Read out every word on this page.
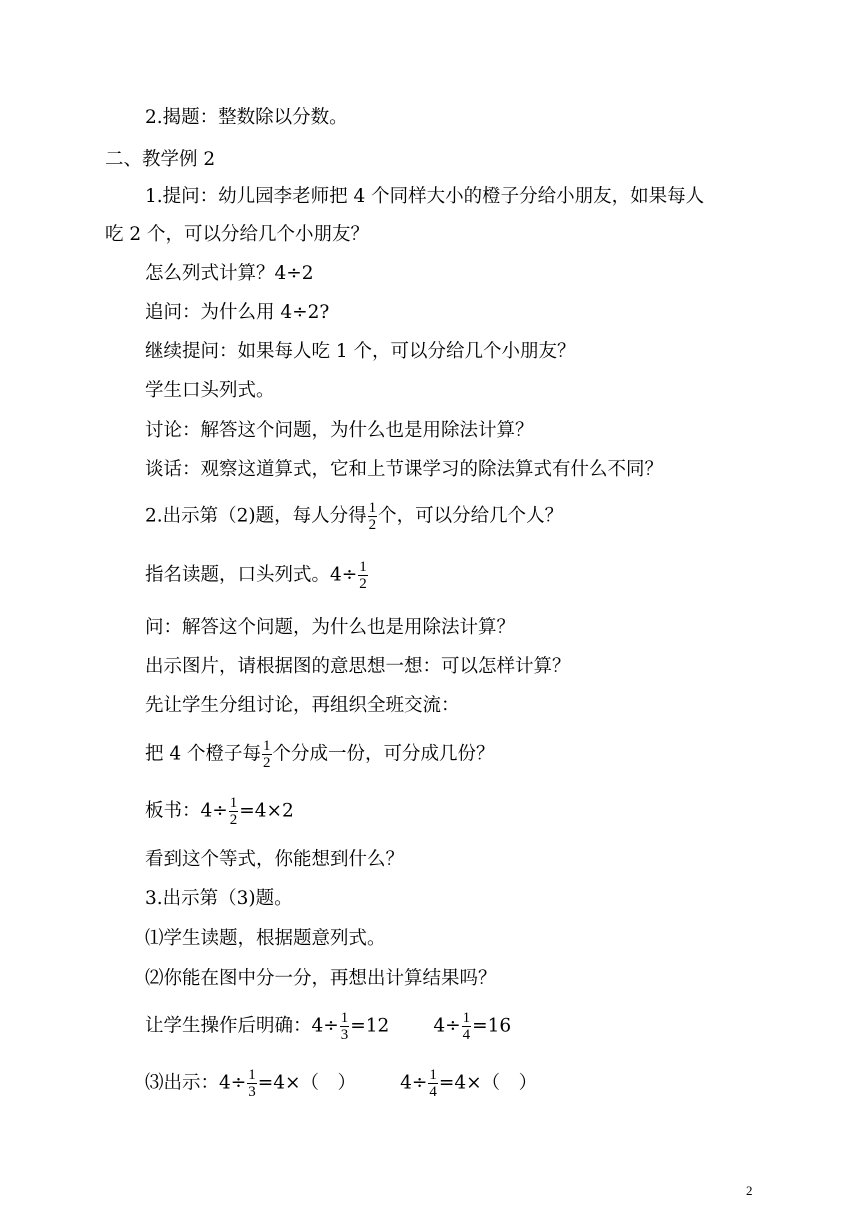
2.揭题：整数除以分数。
二、教学例 2
1.提问：幼儿园李老师把 4 个同样大小的橙子分给小朋友，如果每人
吃 2 个，可以分给几个小朋友？
怎么列式计算？4÷2
追问：为什么用 4÷2?
继续提问：如果每人吃 1 个，可以分给几个小朋友？
学生口头列式。
讨论：解答这个问题，为什么也是用除法计算？
谈话：观察这道算式，它和上节课学习的除法算式有什么不同？
2.出示第（2)题，每人分得 $\frac{1}{2}$ 个，可以分给几个人？
指名读题，口头列式。$4\div \frac{1}{2}$
问：解答这个问题，为什么也是用除法计算？
出示图片，请根据图的意思想一想：可以怎样计算？
先让学生分组讨论，再组织全班交流：
把 4 个橙子每 $\frac{1}{2}$ 个分成一份，可分成几份？
板书：$4\div \frac{1}{2} =4\times 2$
看到这个等式，你能想到什么？
3.出示第（3)题。
⑴学生读题，根据题意列式。
⑵你能在图中分一分，再想出计算结果吗？
让学生操作后明确：$4\div \frac{1}{3} =12$ $4\div \frac{1}{4} =16$
⑶出示：$4\div \frac{1}{3} =4\times$（　） $4\div \frac{1}{4} =4\times$（　）
2
